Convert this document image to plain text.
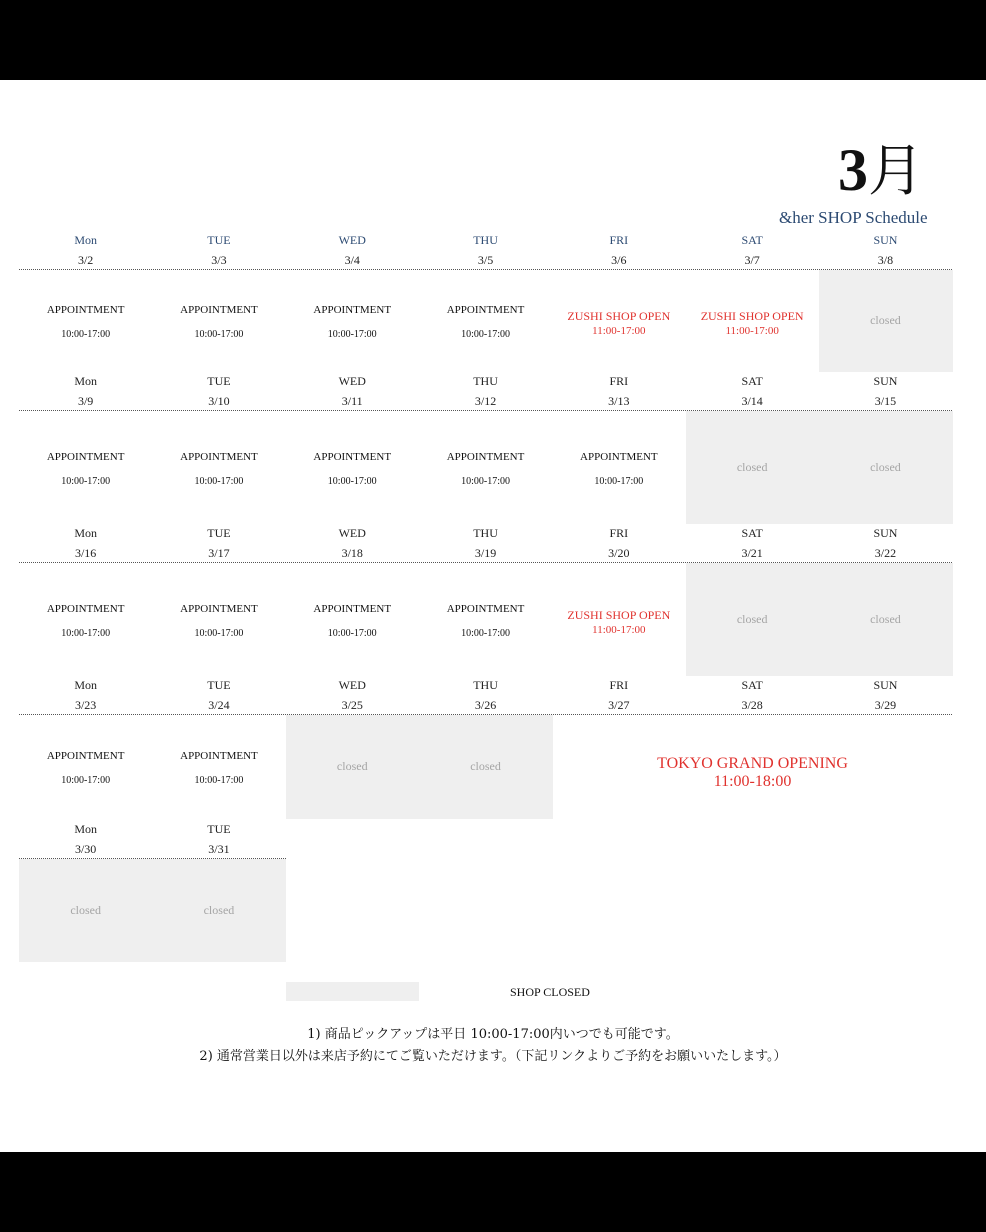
3月
&her SHOP Schedule
Mon
3/2
APPOINTMENT
10:00-17:00
TUE
3/3
APPOINTMENT
10:00-17:00
WED
3/4
APPOINTMENT
10:00-17:00
THU
3/5
APPOINTMENT
10:00-17:00
FRI
3/6
ZUSHI SHOP OPEN
11:00-17:00
SAT
3/7
ZUSHI SHOP OPEN
11:00-17:00
SUN
3/8
closed
Mon
3/9
APPOINTMENT
10:00-17:00
TUE
3/10
APPOINTMENT
10:00-17:00
WED
3/11
APPOINTMENT
10:00-17:00
THU
3/12
APPOINTMENT
10:00-17:00
FRI
3/13
APPOINTMENT
10:00-17:00
SAT
3/14
closed
SUN
3/15
closed
Mon
3/16
APPOINTMENT
10:00-17:00
TUE
3/17
APPOINTMENT
10:00-17:00
WED
3/18
APPOINTMENT
10:00-17:00
THU
3/19
APPOINTMENT
10:00-17:00
FRI
3/20
ZUSHI SHOP OPEN
11:00-17:00
SAT
3/21
closed
SUN
3/22
closed
Mon
3/23
APPOINTMENT
10:00-17:00
TUE
3/24
APPOINTMENT
10:00-17:00
WED
3/25
closed
THU
3/26
closed
FRI
3/27
TOKYO GRAND OPENING
11:00-18:00
SAT
3/28
SUN
3/29
Mon
3/30
closed
TUE
3/31
closed
SHOP CLOSED
1) 商品ピックアップは平日 10:00-17:00内いつでも可能です。
2) 通常営業日以外は来店予約にてご覧いただけます。（下記リンクよりご予約をお願いいたします。）
